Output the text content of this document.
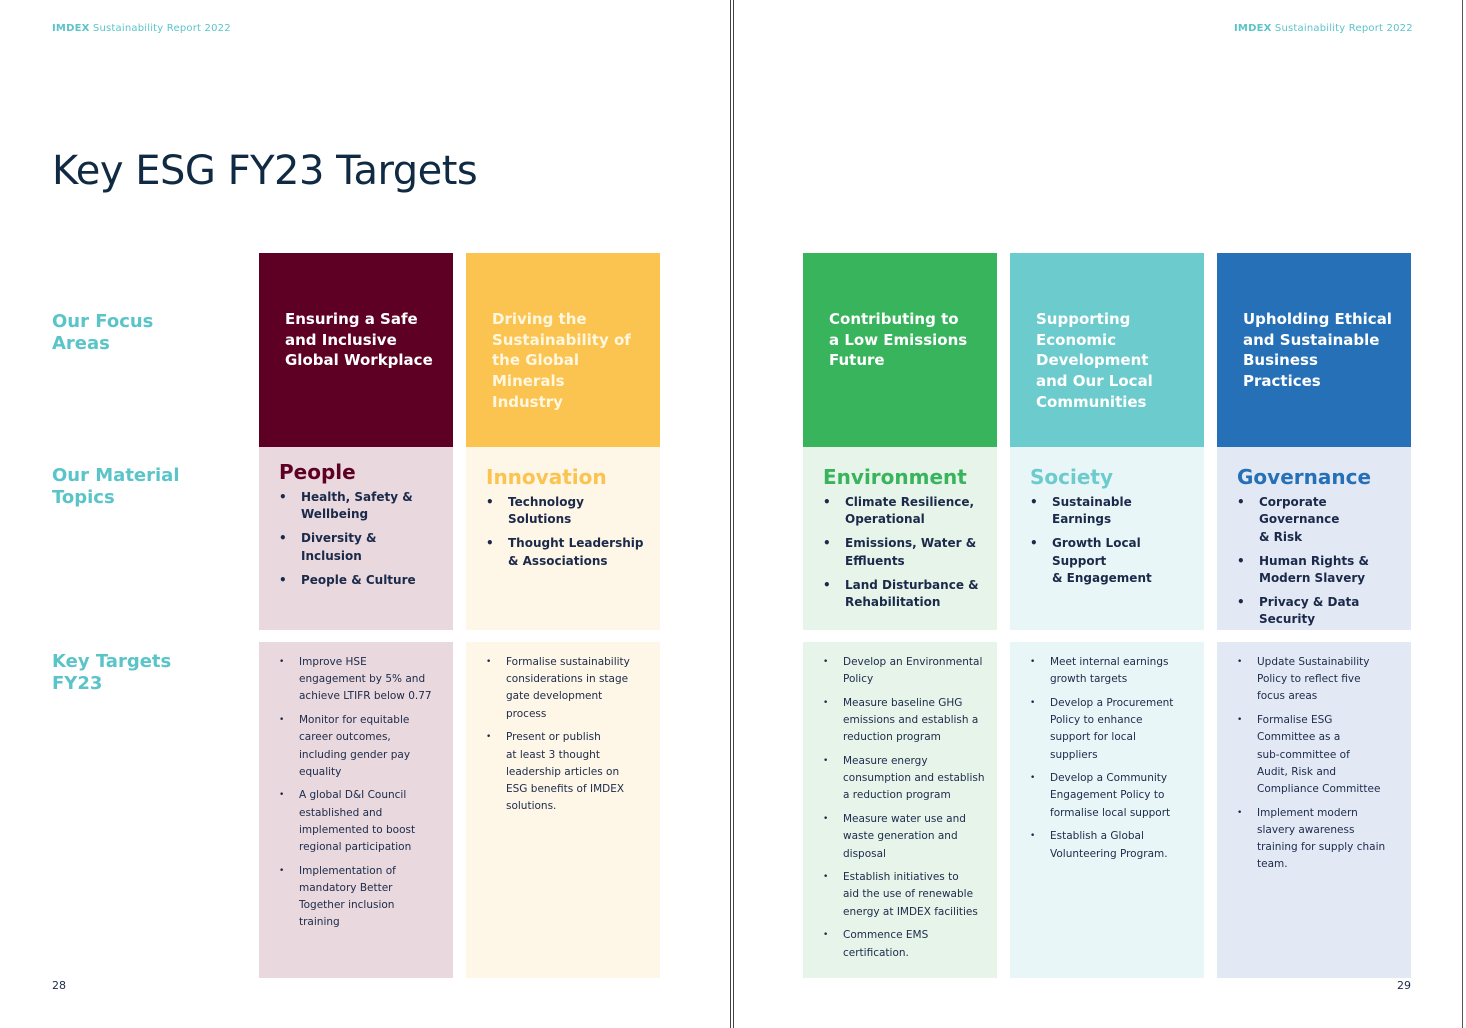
IMDEX Sustainability Report 2022	IMDEX Sustainability Report 2022
Key ESG FY23 Targets
Our Focus
Areas
Our Material
Topics
Key Targets
FY23
Ensuring a Safe
and Inclusive
Global Workplace
People
• Health, Safety &
Wellbeing
• Diversity & Inclusion
• People & Culture
• Improve HSE
engagement by 5% and
achieve LTIFR below 0.77
• Monitor for equitable
career outcomes,
including gender pay
equality
• A global D&I Council
established and
implemented to boost
regional participation
• Implementation of
mandatory Better
Together inclusion
training
Driving the
Sustainability of
the Global Minerals
Industry
Innovation
• Technology Solutions
• Thought Leadership
& Associations
• Formalise sustainability
considerations in stage
gate development
process
• Present or publish
at least 3 thought
leadership articles on
ESG benefits of IMDEX
solutions.
Contributing to
a Low Emissions
Future
Environment
• Climate Resilience,
Operational
• Emissions, Water &
Effluents
• Land Disturbance &
Rehabilitation
• Develop an Environmental
Policy
• Measure baseline GHG
emissions and establish a
reduction program
• Measure energy
consumption and establish
a reduction program
• Measure water use and
waste generation and
disposal
• Establish initiatives to
aid the use of renewable
energy at IMDEX facilities
• Commence EMS
certification.
Supporting
Economic
Development
and Our Local
Communities
Society
• Sustainable Earnings
• Growth Local Support
& Engagement
• Meet internal earnings
growth targets
• Develop a Procurement
Policy to enhance
support for local
suppliers
• Develop a Community
Engagement Policy to
formalise local support
• Establish a Global
Volunteering Program.
Upholding Ethical
and Sustainable
Business Practices
Governance
• Corporate Governance
& Risk
• Human Rights &
Modern Slavery
• Privacy & Data
Security
• Update Sustainability
Policy to reflect five
focus areas
• Formalise ESG
Committee as a
sub-committee of
Audit, Risk and
Compliance Committee
• Implement modern
slavery awareness
training for supply chain
team.
28	29
